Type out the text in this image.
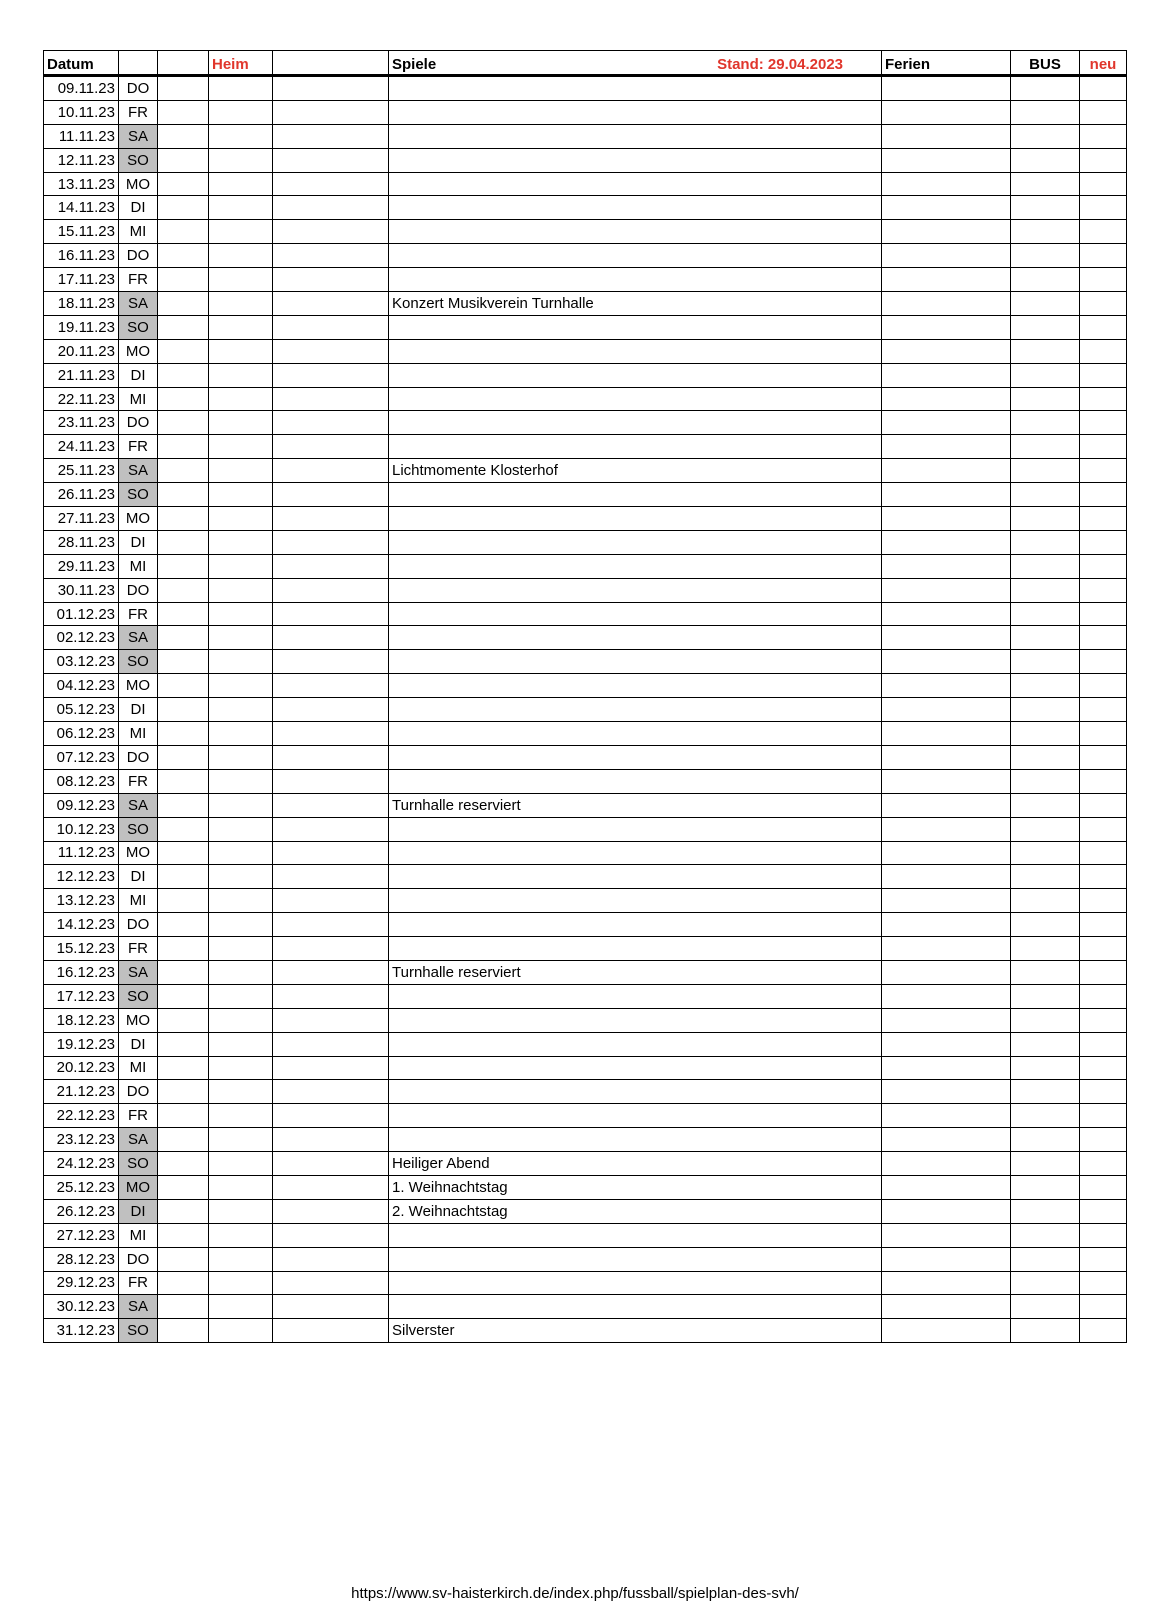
Datum			Heim		Spiele Stand: 29.04.2023	Ferien	BUS	neu
09.11.23	DO							
10.11.23	FR							
11.11.23	SA							
12.11.23	SO							
13.11.23	MO							
14.11.23	DI							
15.11.23	MI							
16.11.23	DO							
17.11.23	FR							
18.11.23	SA				Konzert Musikverein Turnhalle			
19.11.23	SO							
20.11.23	MO							
21.11.23	DI							
22.11.23	MI							
23.11.23	DO							
24.11.23	FR							
25.11.23	SA				Lichtmomente Klosterhof			
26.11.23	SO							
27.11.23	MO							
28.11.23	DI							
29.11.23	MI							
30.11.23	DO							
01.12.23	FR							
02.12.23	SA							
03.12.23	SO							
04.12.23	MO							
05.12.23	DI							
06.12.23	MI							
07.12.23	DO							
08.12.23	FR							
09.12.23	SA				Turnhalle reserviert			
10.12.23	SO							
11.12.23	MO							
12.12.23	DI							
13.12.23	MI							
14.12.23	DO							
15.12.23	FR							
16.12.23	SA				Turnhalle reserviert			
17.12.23	SO							
18.12.23	MO							
19.12.23	DI							
20.12.23	MI							
21.12.23	DO							
22.12.23	FR							
23.12.23	SA							
24.12.23	SO				Heiliger Abend			
25.12.23	MO				1. Weihnachtstag			
26.12.23	DI				2. Weihnachtstag			
27.12.23	MI							
28.12.23	DO							
29.12.23	FR							
30.12.23	SA							
31.12.23	SO				Silverster			
https://www.sv-haisterkirch.de/index.php/fussball/spielplan-des-svh/
